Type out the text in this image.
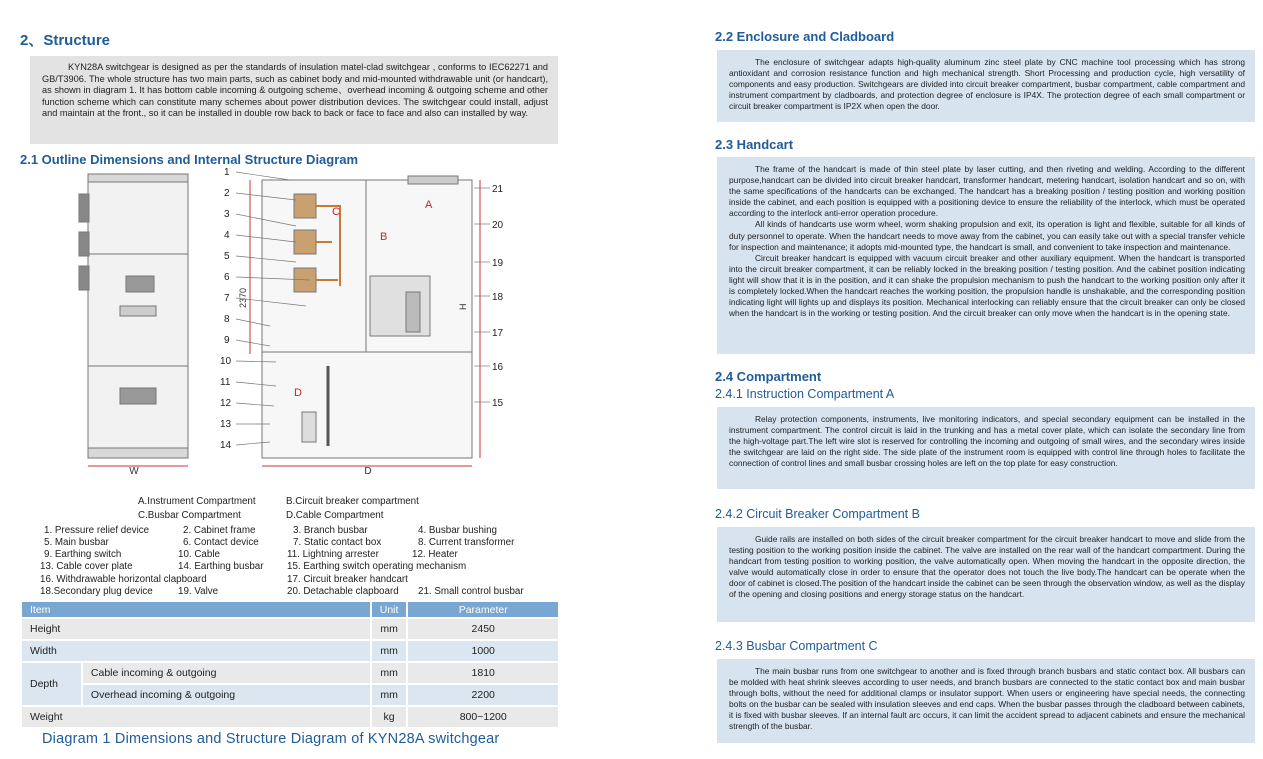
2、Structure

KYN28A switchgear is designed as per the standards of insulation matel-clad switchgear , conforms to IEC62271 and GB/T3906. The whole structure has two main parts, such as cabinet body and mid-mounted withdrawable unit (or handcart), as shown in diagram 1. It has bottom cable incoming & outgoing scheme、overhead incoming & outgoing scheme and other function scheme which can constitute many schemes about power distribution devices. The switchgear could install, adjust and maintain at the front., so it can be installed in double row back to back or face to face and also can installed by way.

2.1 Outline Dimensions and Internal Structure Diagram
W
A
B
C
D
D
H
2370
1
2
3
4
5
6
7
8
9
10
11
12
13
14
21
20
19
18
17
16
15
A.Instrument Compartment	B.Circuit breaker compartment
C.Busbar Compartment	D.Cable Compartment
1. Pressure relief device	2. Cabinet frame	3. Branch busbar	4. Busbar bushing
5. Main busbar	6. Contact device	7. Static contact box	8. Current transformer
9. Earthing switch	10. Cable	11. Lightning arrester	12. Heater
13. Cable cover plate	14. Earthing busbar 15. Earthing switch operating mechanism
16. Withdrawable horizontal clapboard	17. Circuit breaker handcart
18.Secondary plug device	19. Valve	20. Detachable clapboard 21. Small control busbar
Item		Unit	Parameter
Height		mm	2450
Width		mm	1000
Depth	Cable incoming & outgoing	mm	1810
	Overhead incoming & outgoing	mm	2200
Weight		kg	800~1200
Diagram 1 Dimensions and Structure Diagram of KYN28A switchgear
2.2 Enclosure and Cladboard

The enclosure of switchgear adapts high-quality aluminum zinc steel plate by CNC machine tool processing which has strong antioxidant and corrosion resistance function and high mechanical strength. Short Processing and production cycle, high versatility of components and easy production. Switchgears are divided into circuit breaker compartment, busbar compartment, cable compartment and instrument compartment by cladboards, and protection degree of enclosure is IP4X. The protection degree of each small compartment or circuit breaker compartment is IP2X when open the door.

2.3 Handcart

The frame of the handcart is made of thin steel plate by laser cutting, and then riveting and welding. According to the different purpose,handcart can be divided into circuit breaker handcart, transformer handcart, metering handcart, isolation handcart and so on, with the same specifications of the handcarts can be exchanged. The handcart has a breaking position / testing position and working position inside the cabinet, and each position is equipped with a positioning device to ensure the reliability of the interlock, which must be operated according to the interlock anti-error operation procedure.

All kinds of handcarts use worm wheel, worm shaking propulsion and exit, its operation is light and flexible, suitable for all kinds of duty personnel to operate. When the handcart needs to move away from the cabinet, you can easily take out with a special transfer vehicle for inspection and maintenance; it adopts mid-mounted type, the handcart is small, and convenient to take inspection and maintenance.

Circuit breaker handcart is equipped with vacuum circuit breaker and other auxiliary equipment. When the handcart is transported into the circuit breaker compartment, it can be reliably locked in the breaking position / testing position. And the cabinet position indicating light will show that it is in the position, and it can shake the propulsion mechanism to push the handcart to the working position only after it is completely locked.When the handcart reaches the working position, the propulsion handle is unshakable, and the corresponding position indicating light will lights up and displays its position. Mechanical interlocking can reliably ensure that the circuit breaker can only be closed when the handcart is in the working or testing position. And the circuit breaker can only move when the handcart is in the opening state.

2.4 Compartment
2.4.1 Instruction Compartment A

Relay protection components, instruments, live monitoring indicators, and special secondary equipment can be installed in the instrument compartment. The control circuit is laid in the trunking and has a metal cover plate, which can isolate the secondary line from the high-voltage part.The left wire slot is reserved for controlling the incoming and outgoing of small wires, and the secondary wires inside the switchgear are laid on the right side. The side plate of the instrument room is equipped with control line through holes to facilitate the connection of control lines and small busbar crossing holes are left on the top plate for easy construction.

2.4.2 Circuit Breaker Compartment B

Guide rails are installed on both sides of the circuit breaker compartment for the circuit breaker handcart to move and slide from the testing position to the working position inside the cabinet. The valve are installed on the rear wall of the handcart compartment. During the handcart from testing position to working position, the valve automatically open. When moving the handcart in the opposite direction, the valve would automatically close in order to ensure that the operator does not touch the live body.The handcart can be operate when the door of cabinet is closed.The position of the handcart inside the cabinet can be seen through the observation window, as well as the display of the opening and closing positions and energy storage status on the handcart.

2.4.3 Busbar Compartment C

The main busbar runs from one switchgear to another and is fixed through branch busbars and static contact box. All busbars can be molded with heat shrink sleeves according to user needs, and branch busbars are connected to the static contact box and main busbar through bolts, without the need for additional clamps or insulator support. When users or engineering have special needs, the connecting bolts on the busbar can be sealed with insulation sleeves and end caps. When the busbar passes through the cladboard between cabinets, it is fixed with busbar sleeves. If an internal fault arc occurs, it can limit the accident spread to adjacent cabinets and ensure the mechanical strength of the busbar.
